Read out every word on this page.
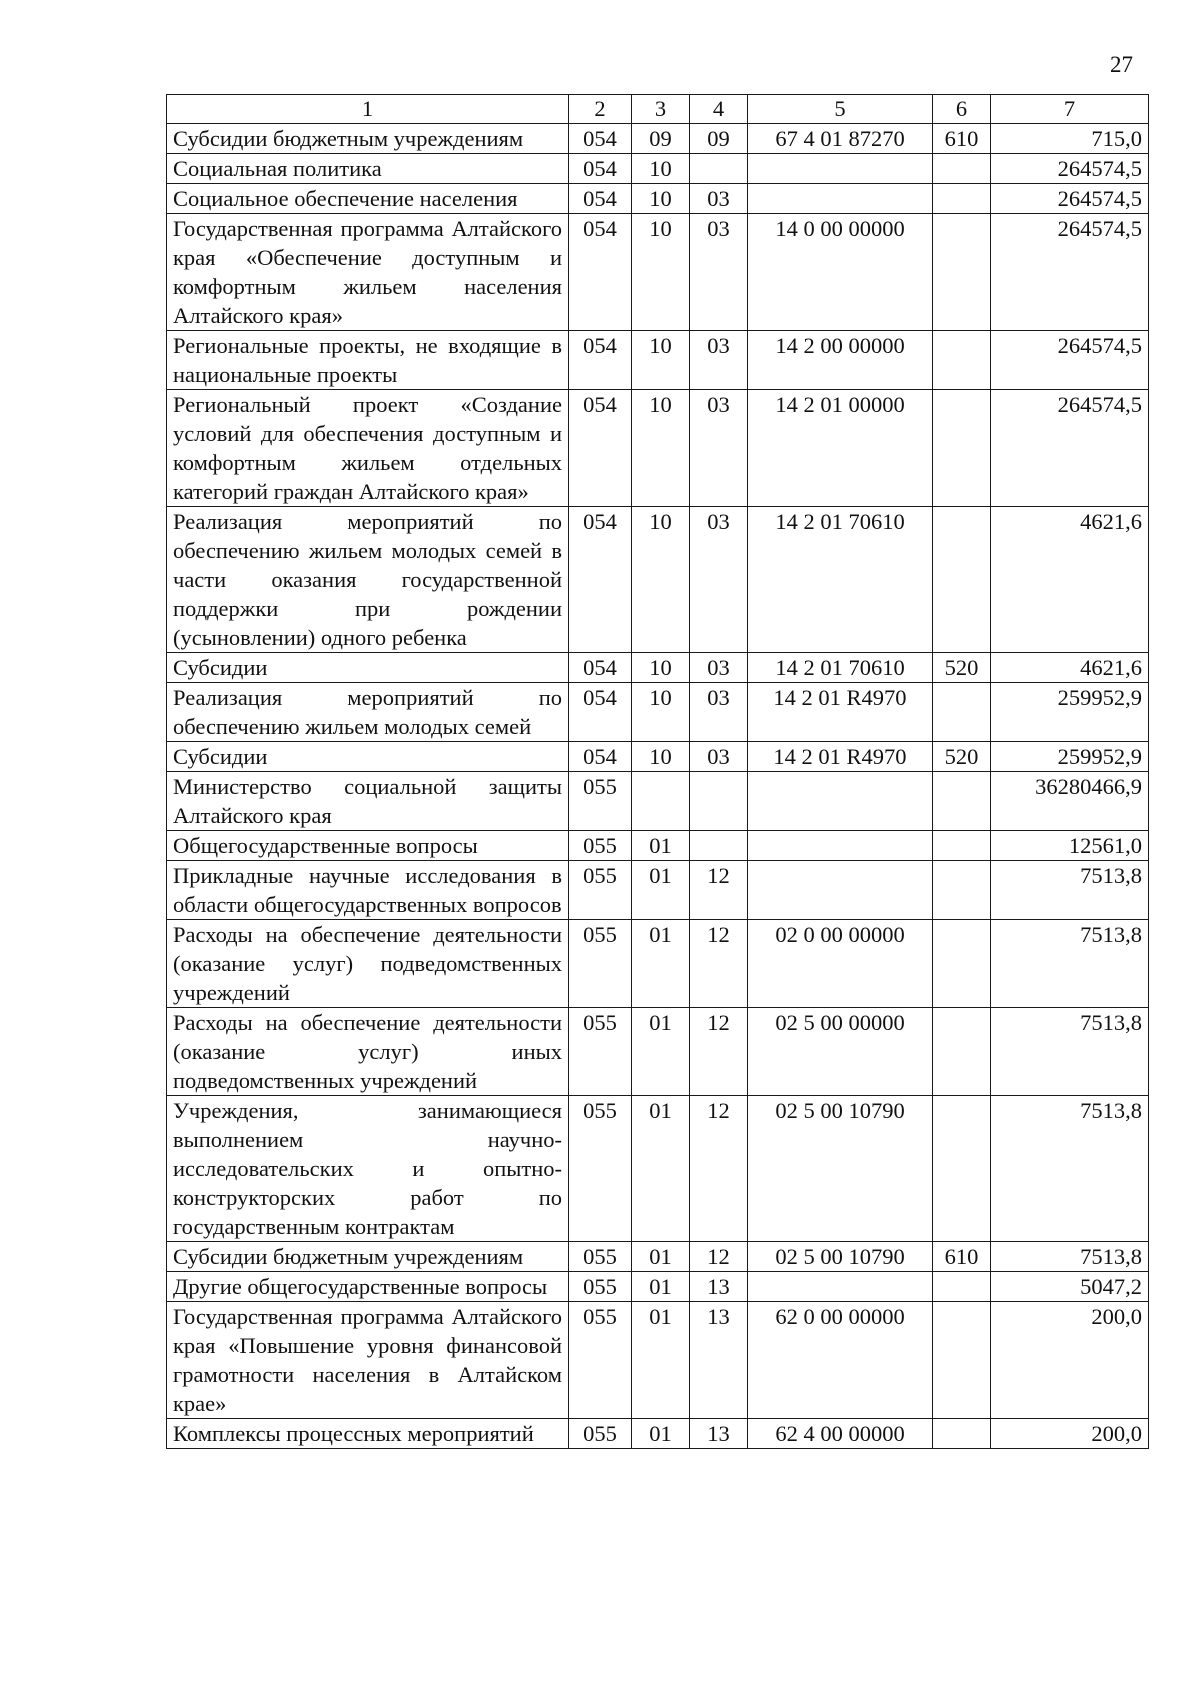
27
1	2	3	4	5	6	7
Субсидии бюджетным учреждениям	054	09	09	67 4 01 87270	610	715,0
Социальная политика	054	10				264574,5
Социальное обеспечение населения	054	10	03			264574,5
Государственная программа Алтайского края «Обеспечение доступным и комфортным жильем населения Алтайского края»	054	10	03	14 0 00 00000		264574,5
Региональные проекты, не входящие в национальные проекты	054	10	03	14 2 00 00000		264574,5
Региональный проект «Создание условий для обеспечения доступным и комфортным жильем отдельных категорий граждан Алтайского края»	054	10	03	14 2 01 00000		264574,5
Реализация мероприятий по обеспечению жильем молодых семей в части оказания государственной поддержки при рождении (усыновлении) одного ребенка	054	10	03	14 2 01 70610		4621,6
Субсидии	054	10	03	14 2 01 70610	520	4621,6
Реализация мероприятий по обеспечению жильем молодых семей	054	10	03	14 2 01 R4970		259952,9
Субсидии	054	10	03	14 2 01 R4970	520	259952,9
Министерство социальной защиты Алтайского края	055					36280466,9
Общегосударственные вопросы	055	01				12561,0
Прикладные научные исследования в области общегосударственных вопросов	055	01	12			7513,8
Расходы на обеспечение деятельности (оказание услуг) подведомственных учреждений	055	01	12	02 0 00 00000		7513,8
Расходы на обеспечение деятельности (оказание услуг) иных подведомственных учреждений	055	01	12	02 5 00 00000		7513,8
Учреждения, занимающиеся выполнением научно-исследовательских и опытно-конструкторских работ по государственным контрактам	055	01	12	02 5 00 10790		7513,8
Субсидии бюджетным учреждениям	055	01	12	02 5 00 10790	610	7513,8
Другие общегосударственные вопросы	055	01	13			5047,2
Государственная программа Алтайского края «Повышение уровня финансовой грамотности населения в Алтайском крае»	055	01	13	62 0 00 00000		200,0
Комплексы процессных мероприятий	055	01	13	62 4 00 00000		200,0
